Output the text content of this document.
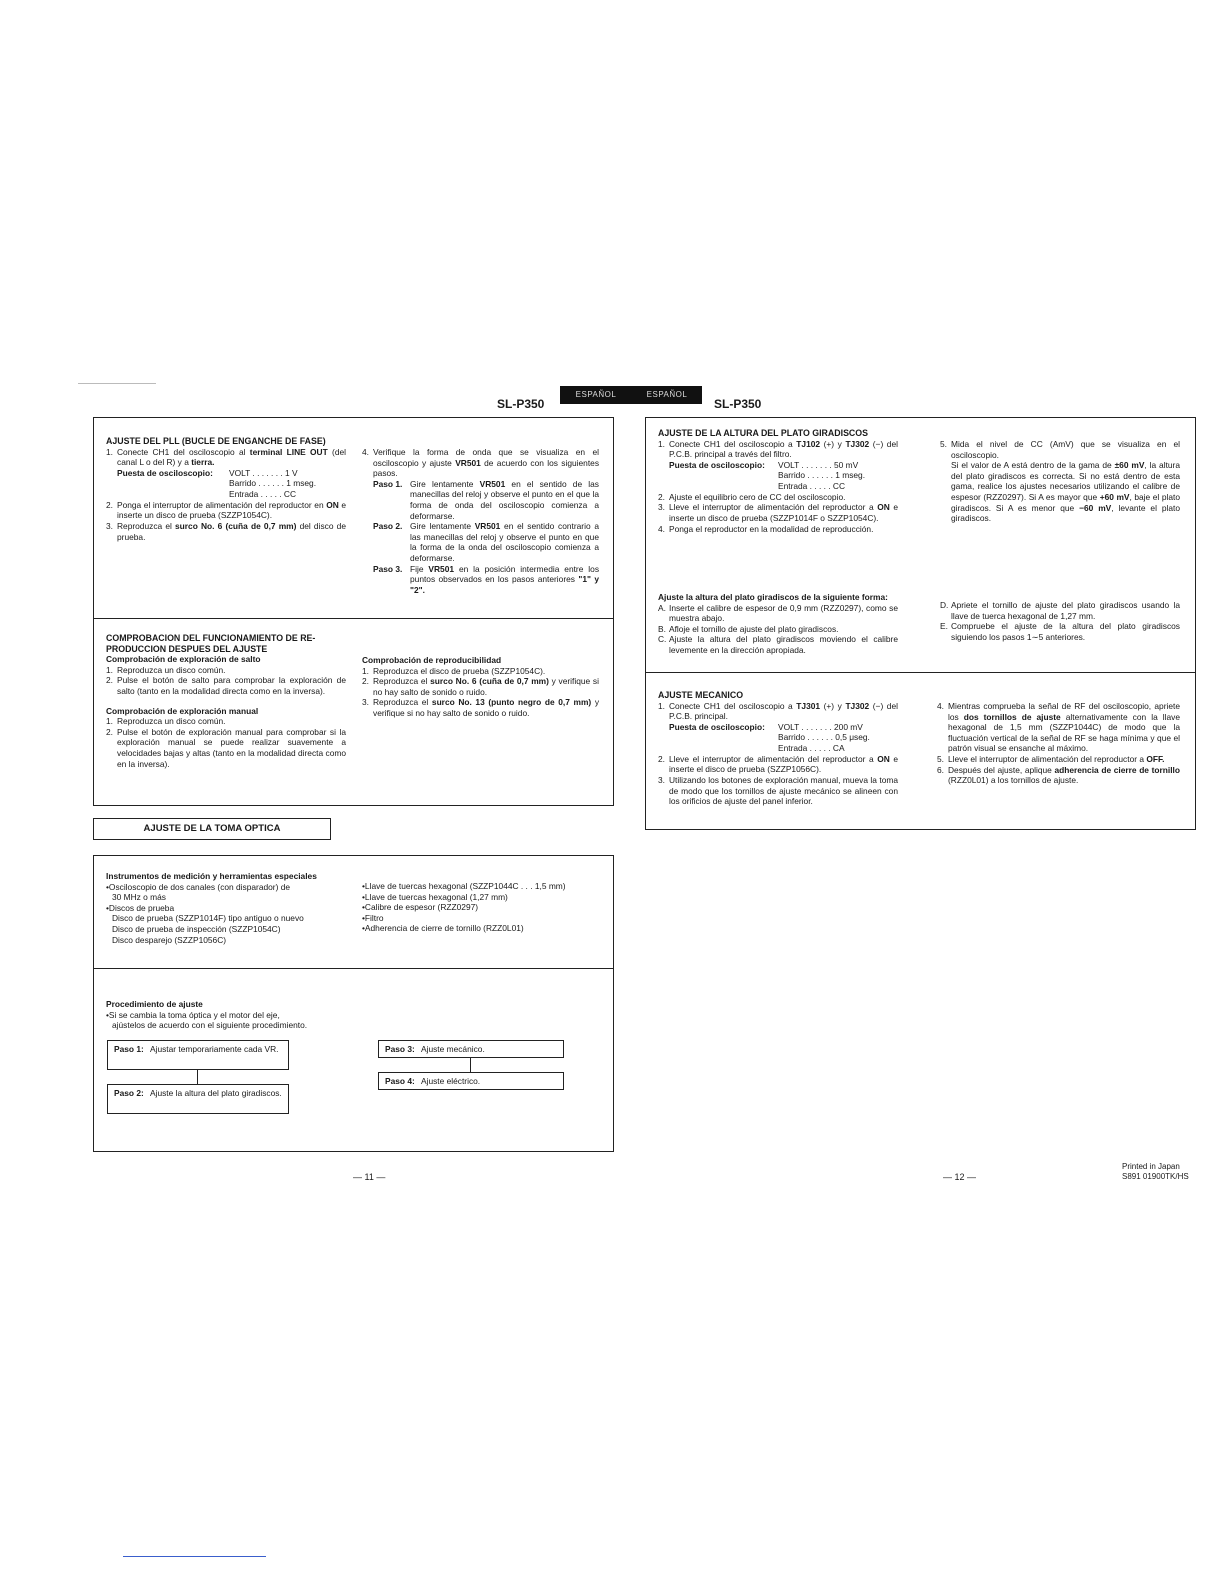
SL-P350
ESPAÑOL	ESPAÑOL
SL-P350

AJUSTE DEL PLL (BUCLE DE ENGANCHE DE FASE)

1. Conecte CH1 del osciloscopio al terminal LINE OUT (del canal L o del R) y a tierra.
Puesta de osciloscopio: VOLT . . . . . . . 1 V
Barrido . . . . . . 1 mseg.
Entrada . . . . . CC
2. Ponga el interruptor de alimentación del reproductor en ON e inserte un disco de prueba (SZZP1054C).
3. Reproduzca el surco No. 6 (cuña de 0,7 mm) del disco de prueba.
4. Verifique la forma de onda que se visualiza en el osciloscopio y ajuste VR501 de acuerdo con los siguientes pasos.
Paso 1. Gire lentamente VR501 en el sentido de las manecillas del reloj y observe el punto en el que la forma de onda del osciloscopio comienza a deformarse.
Paso 2. Gire lentamente VR501 en el sentido contrario a las manecillas del reloj y observe el punto en que la forma de la onda del osciloscopio comienza a deformarse.
Paso 3. Fije VR501 en la posición intermedia entre los puntos observados en los pasos anteriores "1" y "2".

COMPROBACION DEL FUNCIONAMIENTO DE RE-

PRODUCCION DESPUES DEL AJUSTE

Comprobación de exploración de salto

1. Reproduzca un disco común.
2. Pulse el botón de salto para comprobar la exploración de salto (tanto en la modalidad directa como en la inversa).

Comprobación de exploración manual

1. Reproduzca un disco común.
2. Pulse el botón de exploración manual para comprobar si la exploración manual se puede realizar suavemente a velocidades bajas y altas (tanto en la modalidad directa como en la inversa).

Comprobación de reproducibilidad

1. Reproduzca el disco de prueba (SZZP1054C).
2. Reproduzca el surco No. 6 (cuña de 0,7 mm) y verifique si no hay salto de sonido o ruido.
3. Reproduzca el surco No. 13 (punto negro de 0,7 mm) y verifique si no hay salto de sonido o ruido.
AJUSTE DE LA TOMA OPTICA

Instrumentos de medición y herramientas especiales

•Osciloscopio de dos canales (con disparador) de

30 MHz o más

•Discos de prueba

Disco de prueba (SZZP1014F) tipo antiguo o nuevo

Disco de prueba de inspección (SZZP1054C)

Disco desparejo (SZZP1056C)

•Llave de tuercas hexagonal (SZZP1044C . . . 1,5 mm)

•Llave de tuercas hexagonal (1,27 mm)

•Calibre de espesor (RZZ0297)

•Filtro

•Adherencia de cierre de tornillo (RZZ0L01)

Procedimiento de ajuste

•Si se cambia la toma óptica y el motor del eje,

ajústelos de acuerdo con el siguiente procedimiento.

Paso 1: Ajustar temporariamente cada VR.
Paso 2: Ajuste la altura del plato giradiscos.
Paso 3: Ajuste mecánico.
Paso 4: Ajuste eléctrico.

AJUSTE DE LA ALTURA DEL PLATO GIRADISCOS

1. Conecte CH1 del osciloscopio a TJ102 (+) y TJ302 (−) del P.C.B. principal a través del filtro.
Puesta de osciloscopio: VOLT . . . . . . . 50 mV
Barrido . . . . . . 1 mseg.
Entrada . . . . . CC
2. Ajuste el equilibrio cero de CC del osciloscopio.
3. Lleve el interruptor de alimentación del reproductor a ON e inserte un disco de prueba (SZZP1014F o SZZP1054C).
4. Ponga el reproductor en la modalidad de reproducción.
5. Mida el nivel de CC (AmV) que se visualiza en el osciloscopio.
Si el valor de A está dentro de la gama de ±60 mV, la altura del plato giradiscos es correcta. Si no está dentro de esta gama, realice los ajustes necesarios utilizando el calibre de espesor (RZZ0297). Si A es mayor que +60 mV, baje el plato giradiscos. Si A es menor que −60 mV, levante el plato giradiscos.

Ajuste la altura del plato giradiscos de la siguiente forma:

A. Inserte el calibre de espesor de 0,9 mm (RZZ0297), como se muestra abajo.
B. Afloje el tornillo de ajuste del plato giradiscos.
C. Ajuste la altura del plato giradiscos moviendo el calibre levemente en la dirección apropiada.
D. Apriete el tornillo de ajuste del plato giradiscos usando la llave de tuerca hexagonal de 1,27 mm.
E. Compruebe el ajuste de la altura del plato giradiscos siguiendo los pasos 1∼5 anteriores.

AJUSTE MECANICO

1. Conecte CH1 del osciloscopio a TJ301 (+) y TJ302 (−) del P.C.B. principal.
Puesta de osciloscopio: VOLT . . . . . . . 200 mV
Barrido . . . . . . 0,5 μseg.
Entrada . . . . . CA
2. Lleve el interruptor de alimentación del reproductor a ON e inserte el disco de prueba (SZZP1056C).
3. Utilizando los botones de exploración manual, mueva la toma de modo que los tornillos de ajuste mecánico se alineen con los orificios de ajuste del panel inferior.
4. Mientras comprueba la señal de RF del osciloscopio, apriete los dos tornillos de ajuste alternativamente con la llave hexagonal de 1,5 mm (SZZP1044C) de modo que la fluctuación vertical de la señal de RF se haga mínima y que el patrón visual se ensanche al máximo.
5. Lleve el interruptor de alimentación del reproductor a OFF.
6. Después del ajuste, aplique adherencia de cierre de tornillo (RZZ0L01) a los tornillos de ajuste.
— 11 —	— 12 —
Printed in Japan
S891 01900TK/HS
